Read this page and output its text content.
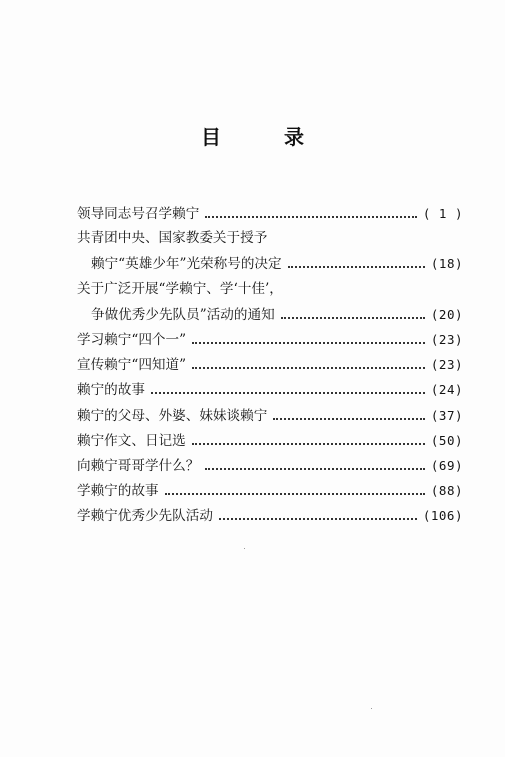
目 录
领导同志号召学赖宁	( 1 )
共青团中央、国家教委关于授予
赖宁“英雄少年”光荣称号的决定	(18)
关于广泛开展“学赖宁、学‘十佳’，
争做优秀少先队员”活动的通知	(20)
学习赖宁“四个一”	(23)
宣传赖宁“四知道”	(23)
赖宁的故事	(24)
赖宁的父母、外婆、妹妹谈赖宁	(37)
赖宁作文、日记选	(50)
向赖宁哥哥学什么？	(69)
学赖宁的故事	(88)
学赖宁优秀少先队活动	(106)
